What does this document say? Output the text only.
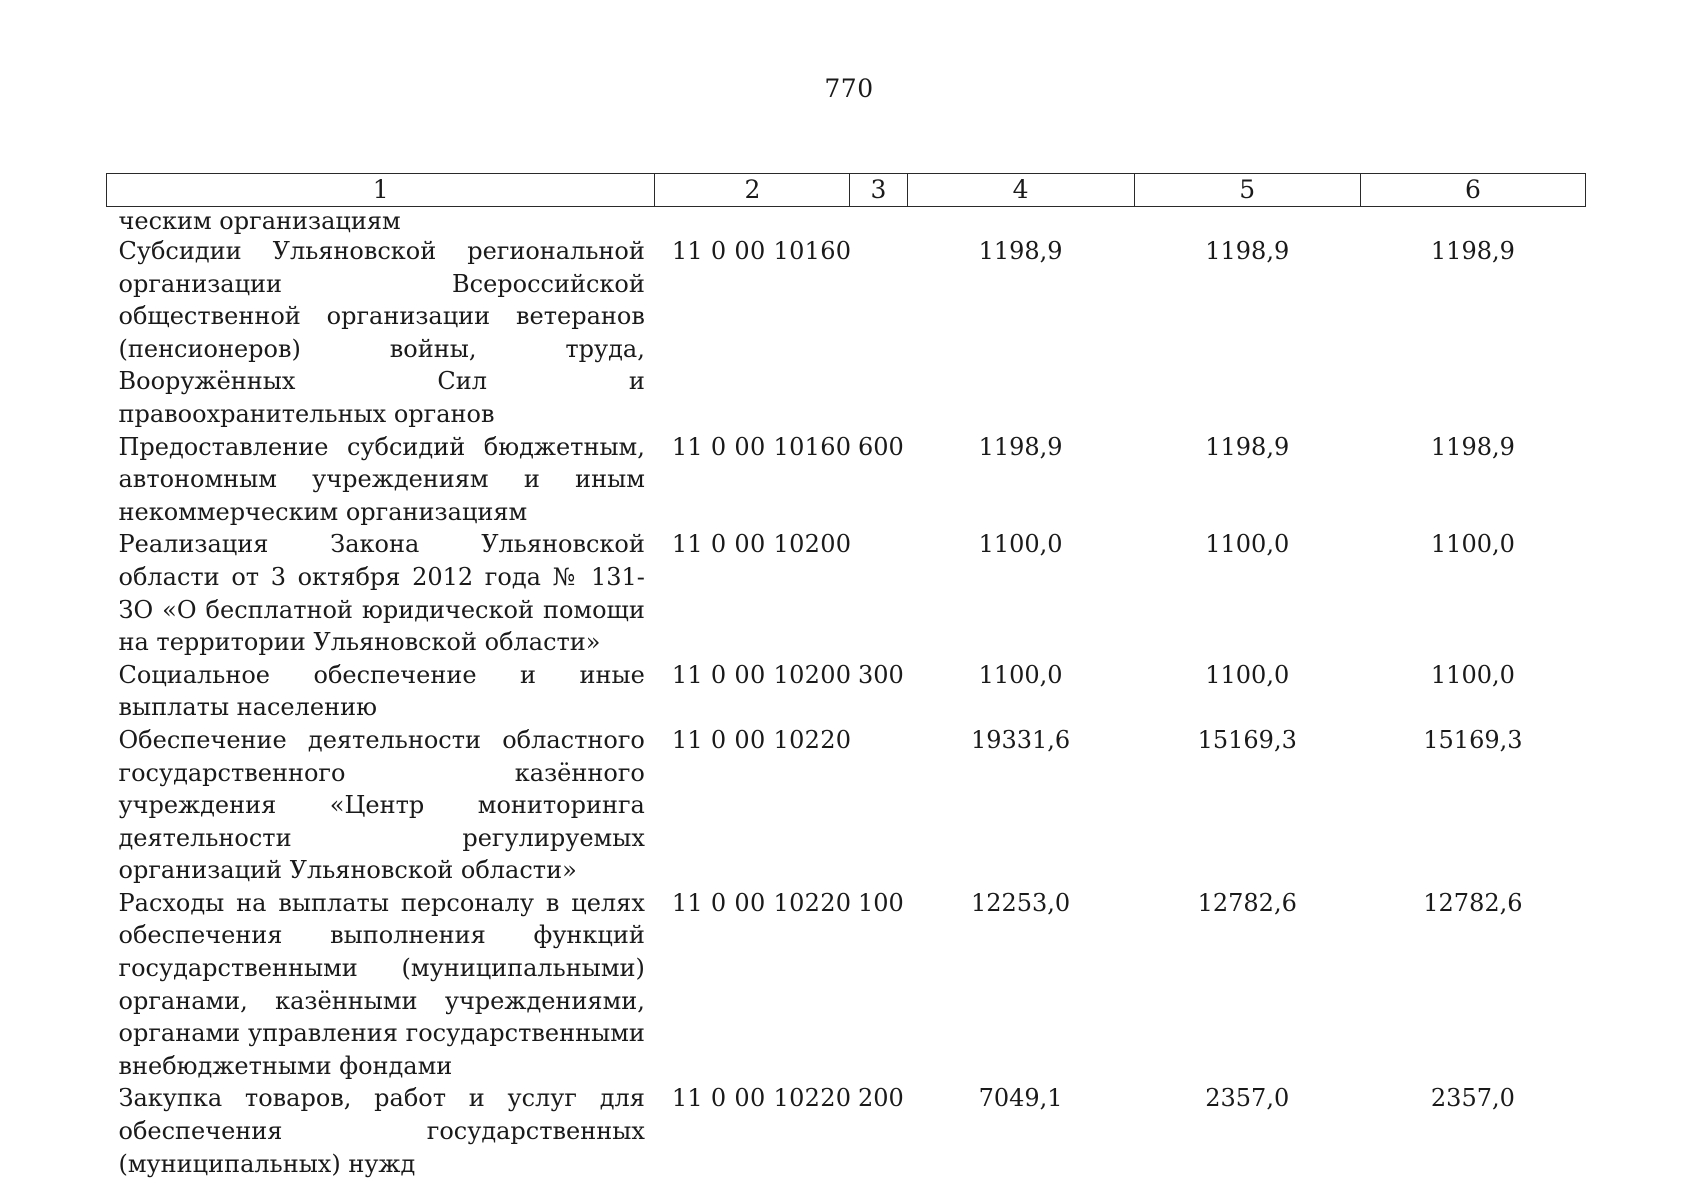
770
1	2	3	4	5	6
ческим организациям					
Субсидии Ульяновской региональной организации Всероссийской общественной организации ветеранов (пенсионеров) войны, труда, Вооружённых Сил и правоохранительных органов	11 0 00 10160		1198,9	1198,9	1198,9
Предоставление субсидий бюджетным, автономным учреждениям и иным некоммерческим организациям	11 0 00 10160	600	1198,9	1198,9	1198,9
Реализация Закона Ульяновской области от 3 октября 2012 года № 131-ЗО «О бесплатной юридической помощи на территории Ульяновской области»	11 0 00 10200		1100,0	1100,0	1100,0
Социальное обеспечение и иные выплаты населению	11 0 00 10200	300	1100,0	1100,0	1100,0
Обеспечение деятельности областного государственного казённого учреждения «Центр мониторинга деятельности регулируемых организаций Ульяновской области»	11 0 00 10220		19331,6	15169,3	15169,3
Расходы на выплаты персоналу в целях обеспечения выполнения функций государственными (муниципальными) органами, казёнными учреждениями, органами управления государственными внебюджетными фондами	11 0 00 10220	100	12253,0	12782,6	12782,6
Закупка товаров, работ и услуг для обеспечения государственных (муниципальных) нужд	11 0 00 10220	200	7049,1	2357,0	2357,0
